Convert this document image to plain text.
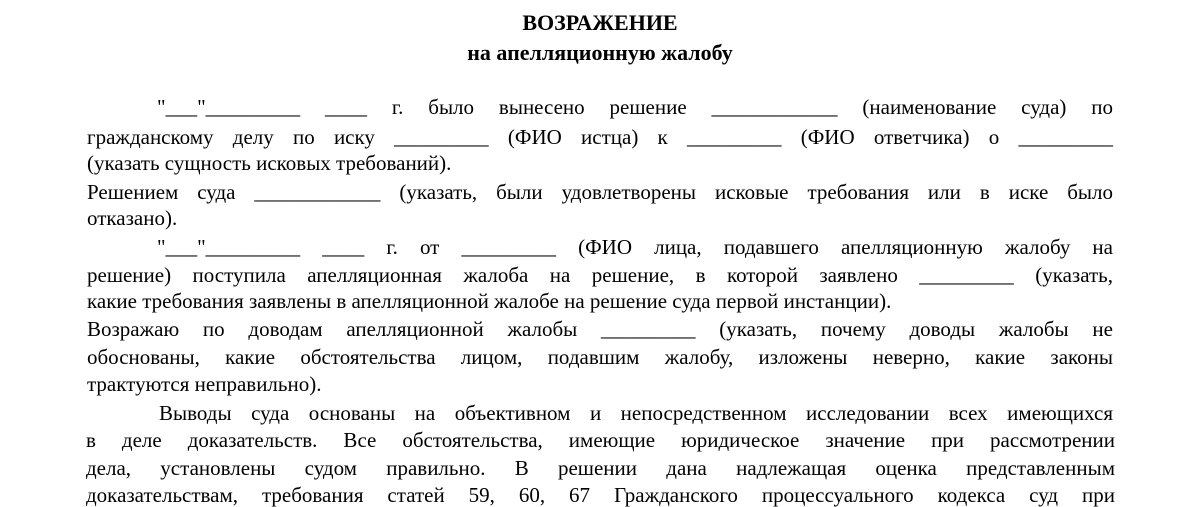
ВОЗРАЖЕНИЕ
на апелляционную жалобу
"___"_________ ____ г. было вынесено решение ____________ (наименование суда) по
гражданскому делу по иску _________ (ФИО истца) к _________ (ФИО ответчика) о _________
(указать сущность исковых требований).
Решением суда ____________ (указать, были удовлетворены исковые требования или в иске было
отказано).
"___"_________ ____ г. от _________ (ФИО лица, подавшего апелляционную жалобу на
решение) поступила апелляционная жалоба на решение, в которой заявлено _________ (указать,
какие требования заявлены в апелляционной жалобе на решение суда первой инстанции).
Возражаю по доводам апелляционной жалобы _________ (указать, почему доводы жалобы не
обоснованы, какие обстоятельства лицом, подавшим жалобу, изложены неверно, какие законы
трактуются неправильно).
Выводы суда основаны на объективном и непосредственном исследовании всех имеющихся
в деле доказательств. Все обстоятельства, имеющие юридическое значение при рассмотрении
дела, установлены судом правильно. В решении дана надлежащая оценка представленным
доказательствам, требования статей 59, 60, 67 Гражданского процессуального кодекса суд при
